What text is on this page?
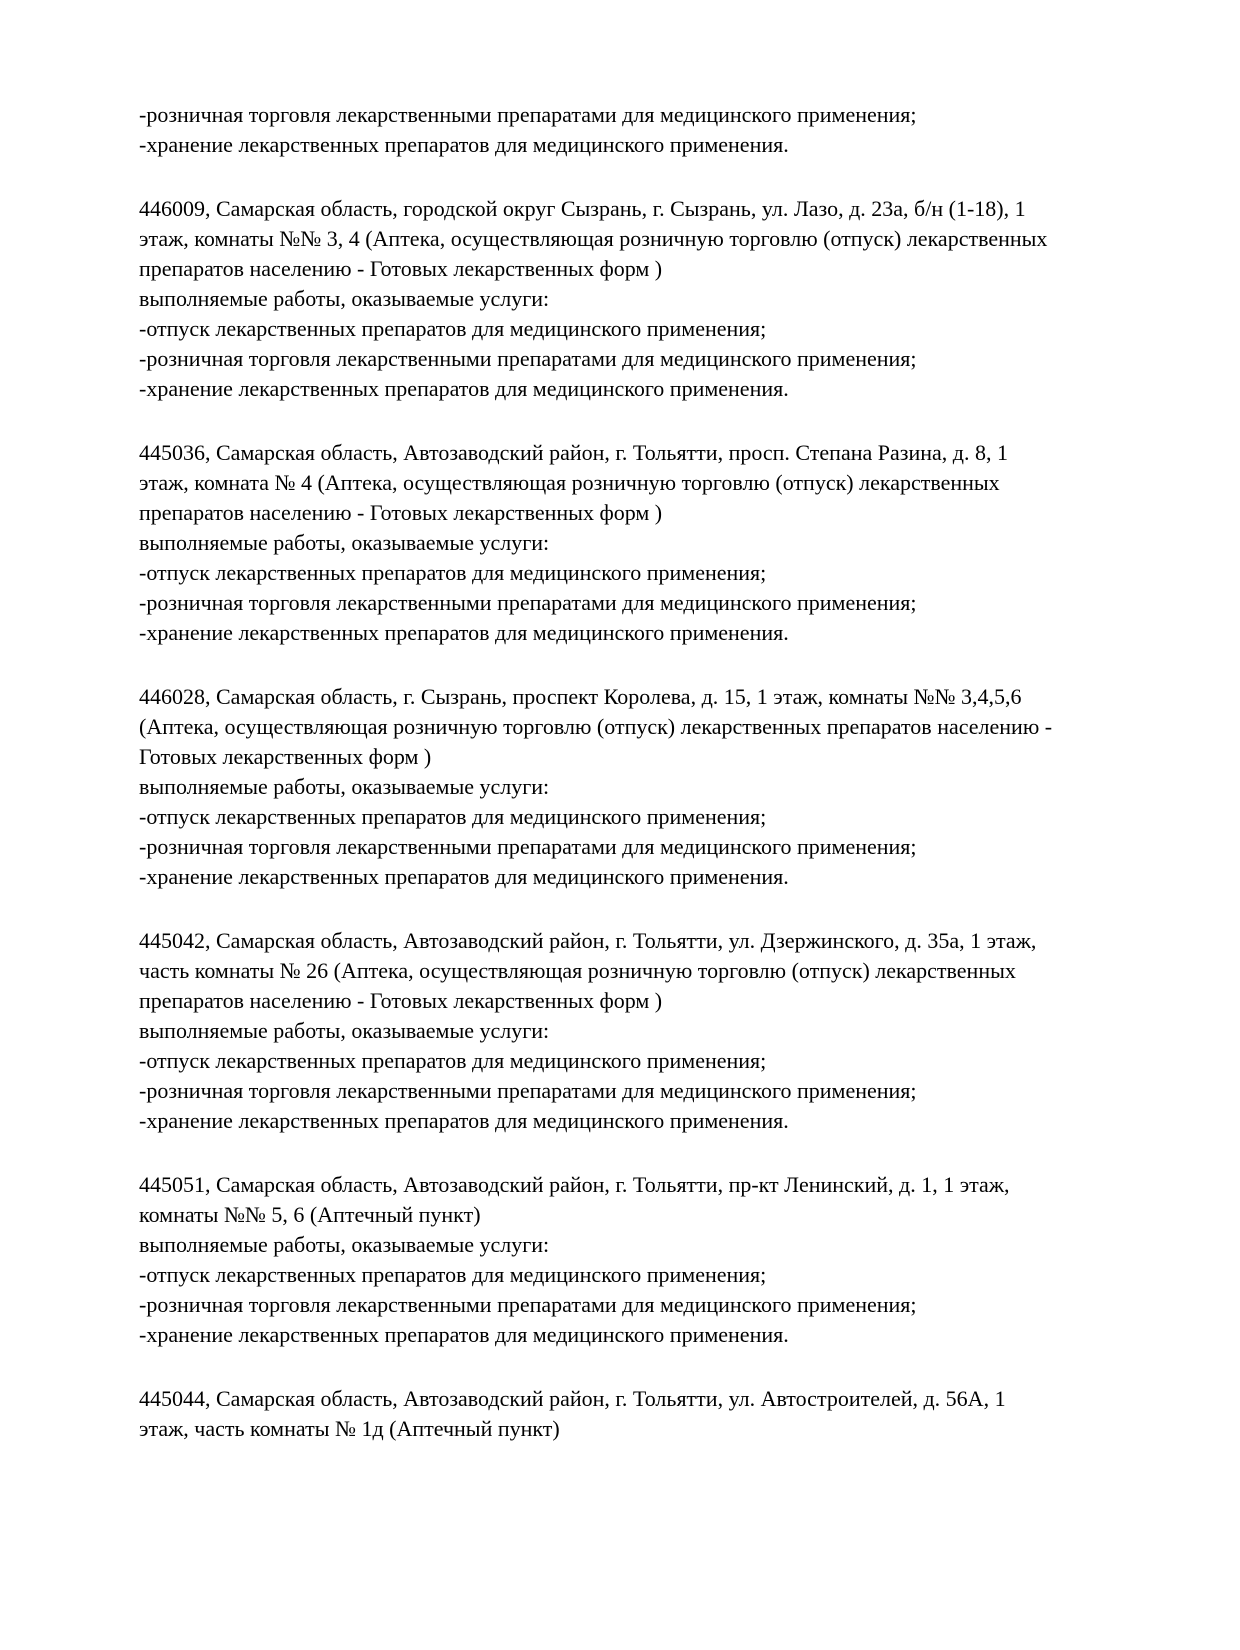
-розничная торговля лекарственными препаратами для медицинского применения;
-хранение лекарственных препаратов для медицинского применения.
446009, Самарская область, городской округ Сызрань, г. Сызрань, ул. Лазо, д. 23а, б/н (1-18), 1
этаж, комнаты №№ 3, 4 (Аптека, осуществляющая розничную торговлю (отпуск) лекарственных
препаратов населению - Готовых лекарственных форм )
выполняемые работы, оказываемые услуги:
-отпуск лекарственных препаратов для медицинского применения;
-розничная торговля лекарственными препаратами для медицинского применения;
-хранение лекарственных препаратов для медицинского применения.
445036, Самарская область, Автозаводский район, г. Тольятти, просп. Степана Разина, д. 8, 1
этаж, комната № 4 (Аптека, осуществляющая розничную торговлю (отпуск) лекарственных
препаратов населению - Готовых лекарственных форм )
выполняемые работы, оказываемые услуги:
-отпуск лекарственных препаратов для медицинского применения;
-розничная торговля лекарственными препаратами для медицинского применения;
-хранение лекарственных препаратов для медицинского применения.
446028, Самарская область, г. Сызрань, проспект Королева, д. 15, 1 этаж, комнаты №№ 3,4,5,6
(Аптека, осуществляющая розничную торговлю (отпуск) лекарственных препаратов населению -
Готовых лекарственных форм )
выполняемые работы, оказываемые услуги:
-отпуск лекарственных препаратов для медицинского применения;
-розничная торговля лекарственными препаратами для медицинского применения;
-хранение лекарственных препаратов для медицинского применения.
445042, Самарская область, Автозаводский район, г. Тольятти, ул. Дзержинского, д. 35а, 1 этаж,
часть комнаты № 26 (Аптека, осуществляющая розничную торговлю (отпуск) лекарственных
препаратов населению - Готовых лекарственных форм )
выполняемые работы, оказываемые услуги:
-отпуск лекарственных препаратов для медицинского применения;
-розничная торговля лекарственными препаратами для медицинского применения;
-хранение лекарственных препаратов для медицинского применения.
445051, Самарская область, Автозаводский район, г. Тольятти, пр-кт Ленинский, д. 1, 1 этаж,
комнаты №№ 5, 6 (Аптечный пункт)
выполняемые работы, оказываемые услуги:
-отпуск лекарственных препаратов для медицинского применения;
-розничная торговля лекарственными препаратами для медицинского применения;
-хранение лекарственных препаратов для медицинского применения.
445044, Самарская область, Автозаводский район, г. Тольятти, ул. Автостроителей, д. 56А, 1
этаж, часть комнаты № 1д (Аптечный пункт)
